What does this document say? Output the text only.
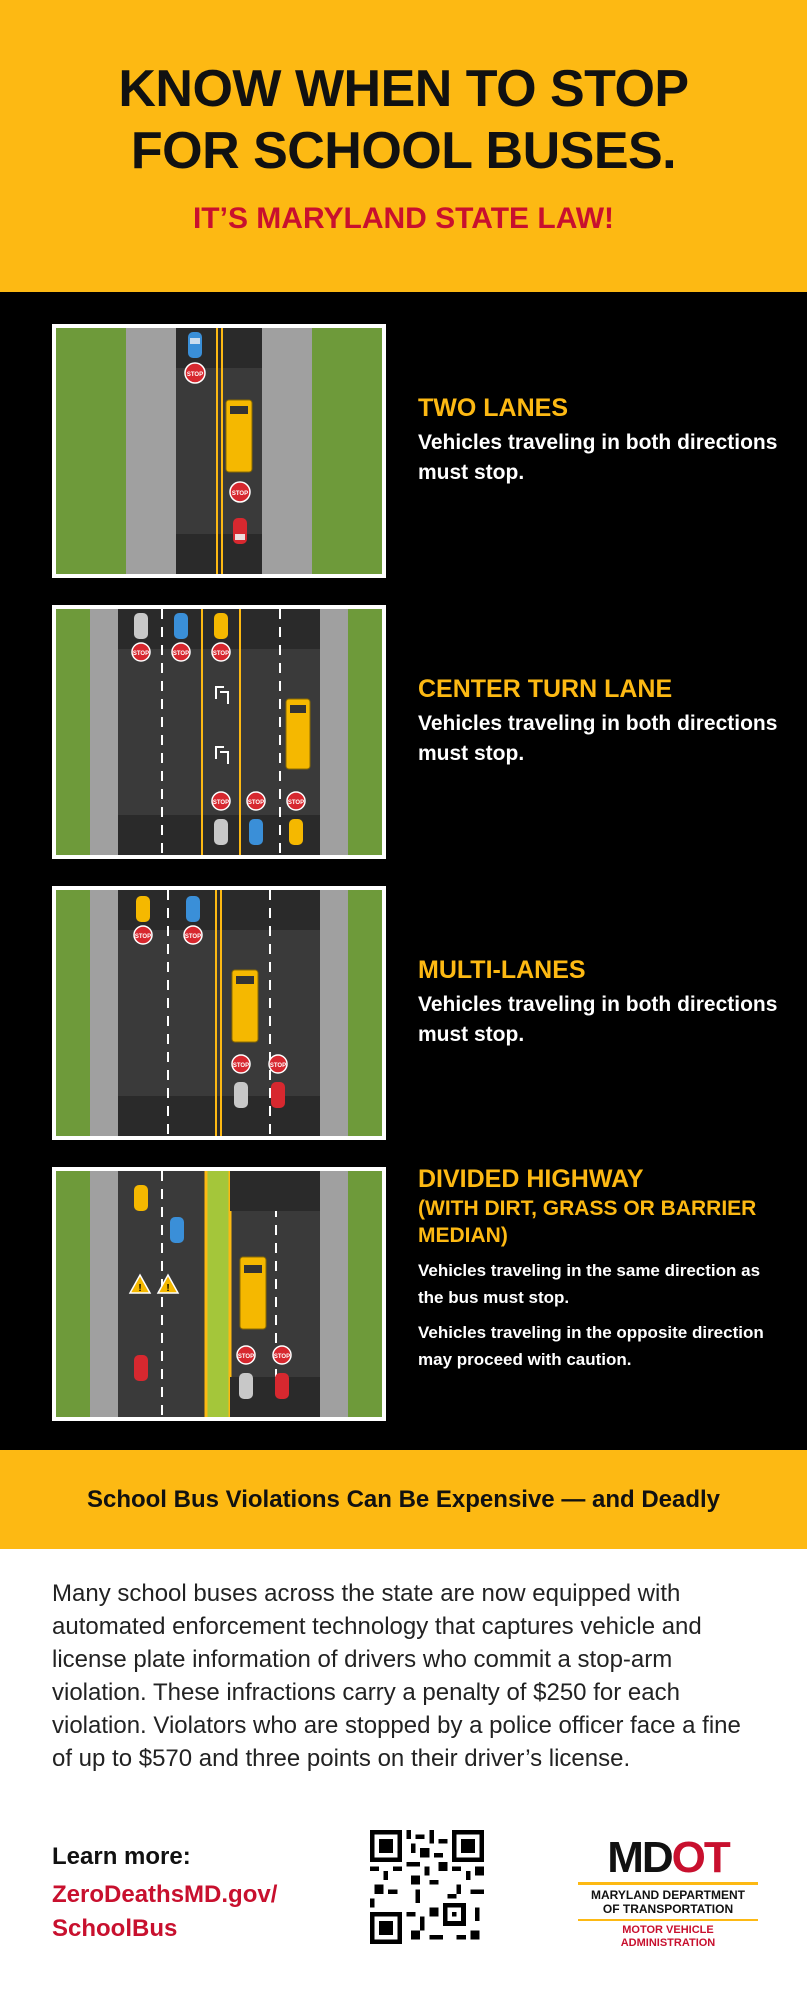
KNOW WHEN TO STOP
FOR SCHOOL BUSES.
IT’S MARYLAND STATE LAW!
STOP
STOP
TWO LANES
Vehicles traveling in both directions must stop.
STOP	STOP	STOP
STOP	STOP	STOP
CENTER TURN LANE
Vehicles traveling in both directions must stop.
STOP	STOP
STOP	STOP
MULTI-LANES
Vehicles traveling in both directions must stop.
! !
STOP	STOP
DIVIDED HIGHWAY
(WITH DIRT, GRASS OR BARRIER MEDIAN)
Vehicles traveling in the same direction as the bus must stop.
Vehicles traveling in the opposite direction may proceed with caution.
School Bus Violations Can Be Expensive — and Deadly
Many school buses across the state are now equipped with automated enforcement technology that captures vehicle and license plate information of drivers who commit a stop-arm violation. These infractions carry a penalty of $250 for each violation. Violators who are stopped by a police officer face a fine of up to $570 and three points on their driver’s license.
Learn more:
ZeroDeathsMD.gov/
SchoolBus
MDOT
MARYLAND DEPARTMENT
OF TRANSPORTATION
MOTOR VEHICLE
ADMINISTRATION
